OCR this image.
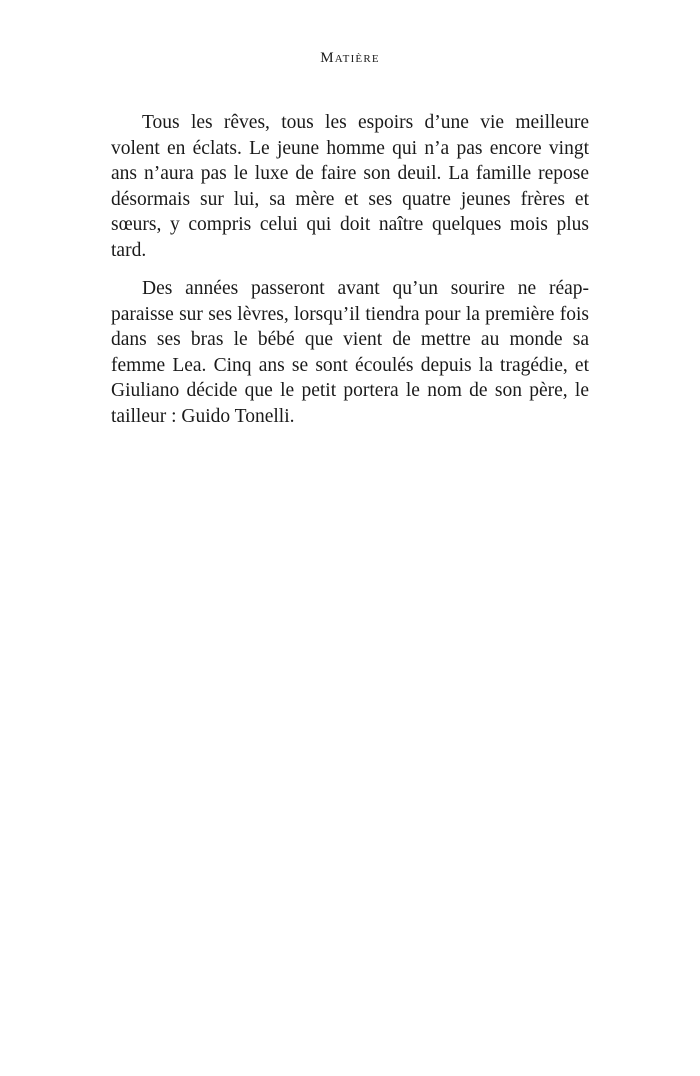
Matière

Tous les rêves, tous les espoirs d’une vie meilleure volent en éclats. Le jeune homme qui n’a pas encore vingt ans n’aura pas le luxe de faire son deuil. La famille repose désormais sur lui, sa mère et ses quatre jeunes frères et sœurs, y compris celui qui doit naître quelques mois plus tard.

Des années passeront avant qu’un sourire ne réapparaisse sur ses lèvres, lorsqu’il tiendra pour la première fois dans ses bras le bébé que vient de mettre au monde sa femme Lea. Cinq ans se sont écoulés depuis la tragédie, et Giuliano décide que le petit portera le nom de son père, le tailleur : Guido Tonelli.
